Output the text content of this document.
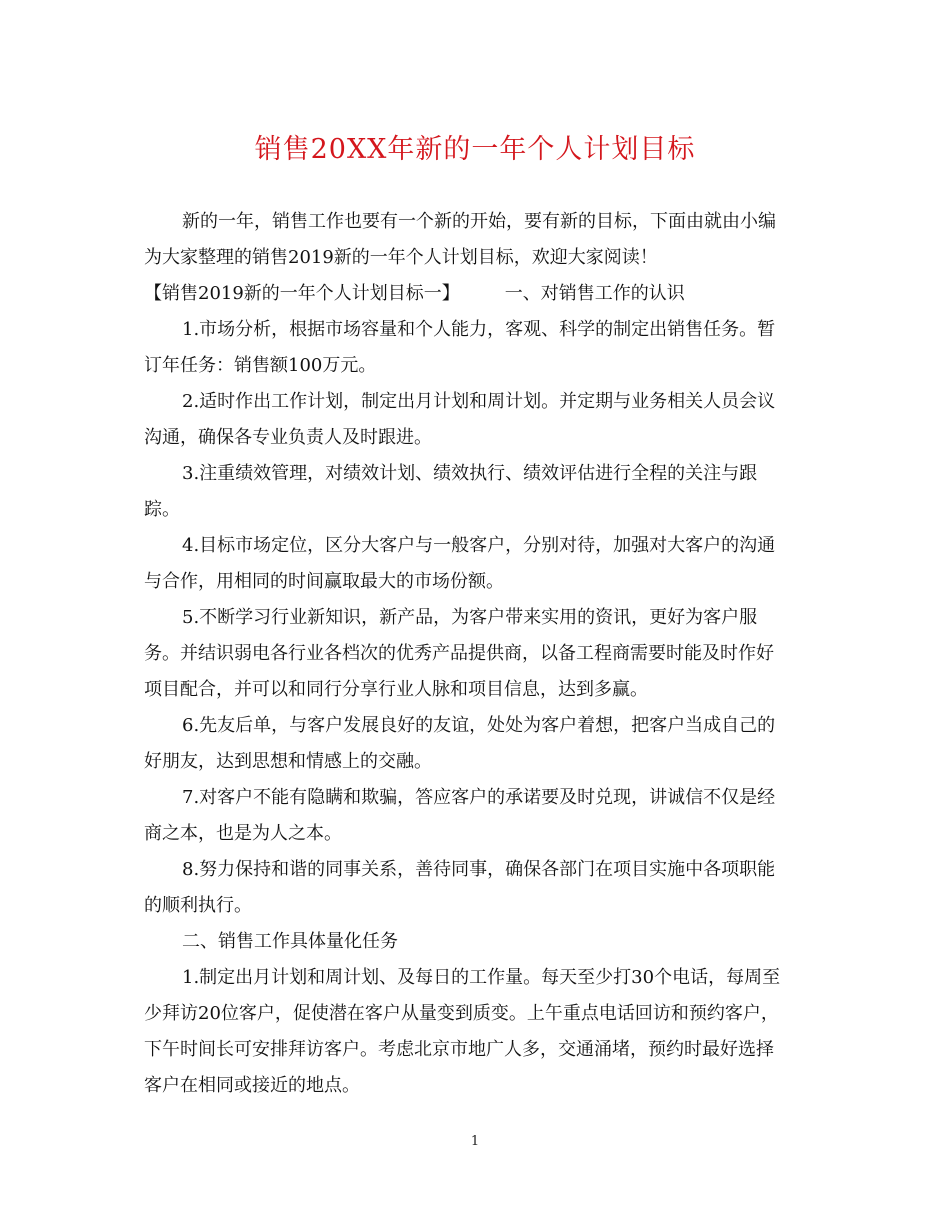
销售20XX年新的一年个人计划目标

新的一年，销售工作也要有一个新的开始，要有新的目标，下面由就由小编

为大家整理的销售2019新的一年个人计划目标，欢迎大家阅读！

【销售2019新的一年个人计划目标一】　　　一、对销售工作的认识

1.市场分析，根据市场容量和个人能力，客观、科学的制定出销售任务。暂

订年任务：销售额100万元。

2.适时作出工作计划，制定出月计划和周计划。并定期与业务相关人员会议

沟通，确保各专业负责人及时跟进。

3.注重绩效管理，对绩效计划、绩效执行、绩效评估进行全程的关注与跟

踪。

4.目标市场定位，区分大客户与一般客户，分别对待，加强对大客户的沟通

与合作，用相同的时间赢取最大的市场份额。

5.不断学习行业新知识，新产品，为客户带来实用的资讯，更好为客户服

务。并结识弱电各行业各档次的优秀产品提供商，以备工程商需要时能及时作好

项目配合，并可以和同行分享行业人脉和项目信息，达到多赢。

6.先友后单，与客户发展良好的友谊，处处为客户着想，把客户当成自己的

好朋友，达到思想和情感上的交融。

7.对客户不能有隐瞒和欺骗，答应客户的承诺要及时兑现，讲诚信不仅是经

商之本，也是为人之本。

8.努力保持和谐的同事关系，善待同事，确保各部门在项目实施中各项职能

的顺利执行。

二、销售工作具体量化任务

1.制定出月计划和周计划、及每日的工作量。每天至少打30个电话，每周至

少拜访20位客户，促使潜在客户从量变到质变。上午重点电话回访和预约客户，

下午时间长可安排拜访客户。考虑北京市地广人多，交通涌堵，预约时最好选择

客户在相同或接近的地点。

1
